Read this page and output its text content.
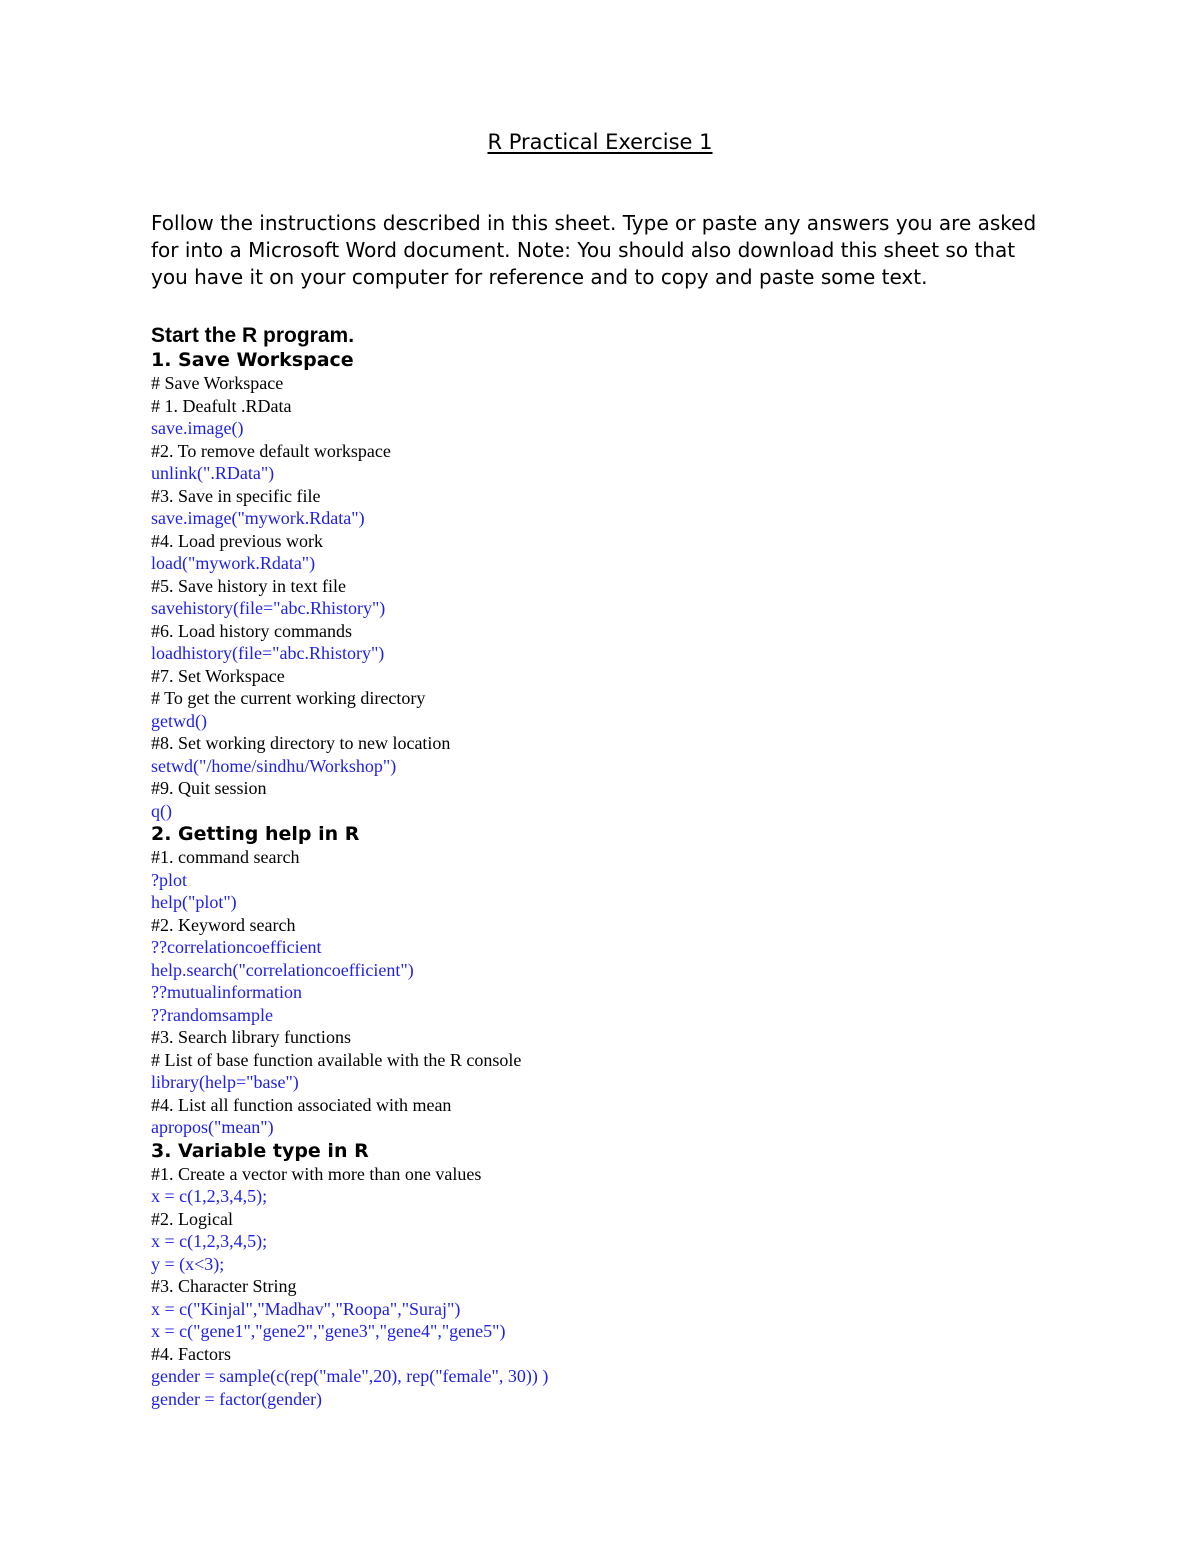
R Practical Exercise 1

Follow the instructions described in this sheet. Type or paste any answers you are asked for into a Microsoft Word document. Note: You should also download this sheet so that you have it on your computer for reference and to copy and paste some text.

Start the R program.
1. Save Workspace
# Save Workspace
# 1. Deafult .RData
save.image()
#2. To remove default workspace
unlink(".RData")
#3. Save in specific file
save.image("mywork.Rdata")
#4. Load previous work
load("mywork.Rdata")
#5. Save history in text file
savehistory(file="abc.Rhistory")
#6. Load history commands
loadhistory(file="abc.Rhistory")
#7. Set Workspace
# To get the current working directory
getwd()
#8. Set working directory to new location
setwd("/home/sindhu/Workshop")
#9. Quit session
q()
2. Getting help in R
#1. command search
?plot
help("plot")
#2. Keyword search
??correlationcoefficient
help.search("correlationcoefficient")
??mutualinformation
??randomsample
#3. Search library functions
# List of base function available with the R console
library(help="base")
#4. List all function associated with mean
apropos("mean")
3. Variable type in R
#1. Create a vector with more than one values
x = c(1,2,3,4,5);
#2. Logical
x = c(1,2,3,4,5);
y = (x<3);
#3. Character String
x = c("Kinjal","Madhav","Roopa","Suraj")
x = c("gene1","gene2","gene3","gene4","gene5")
#4. Factors
gender = sample(c(rep("male",20), rep("female", 30)) )
gender = factor(gender)
